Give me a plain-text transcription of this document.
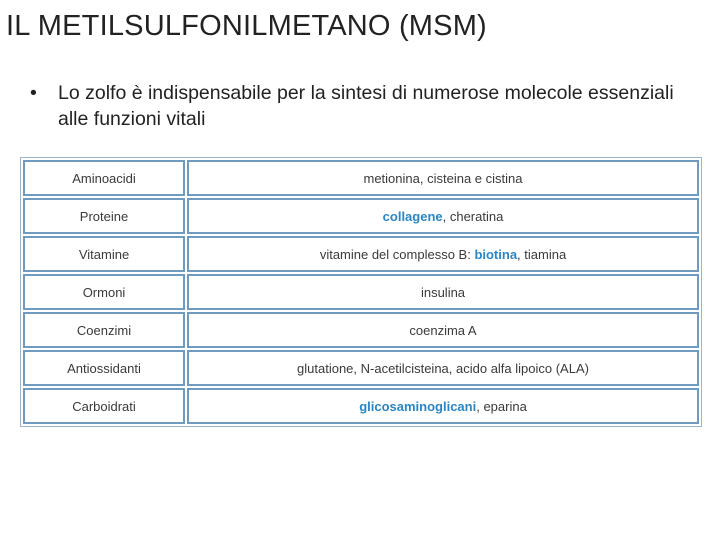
IL METILSULFONILMETANO (MSM)
•	Lo zolfo è indispensabile per la sintesi di numerose molecole essenziali alle funzioni vitali
Aminoacidi	metionina, cisteina e cistina
Proteine	collagene, cheratina
Vitamine	vitamine del complesso B: biotina, tiamina
Ormoni	insulina
Coenzimi	coenzima A
Antiossidanti	glutatione, N-acetilcisteina, acido alfa lipoico (ALA)
Carboidrati	glicosaminoglicani, eparina
